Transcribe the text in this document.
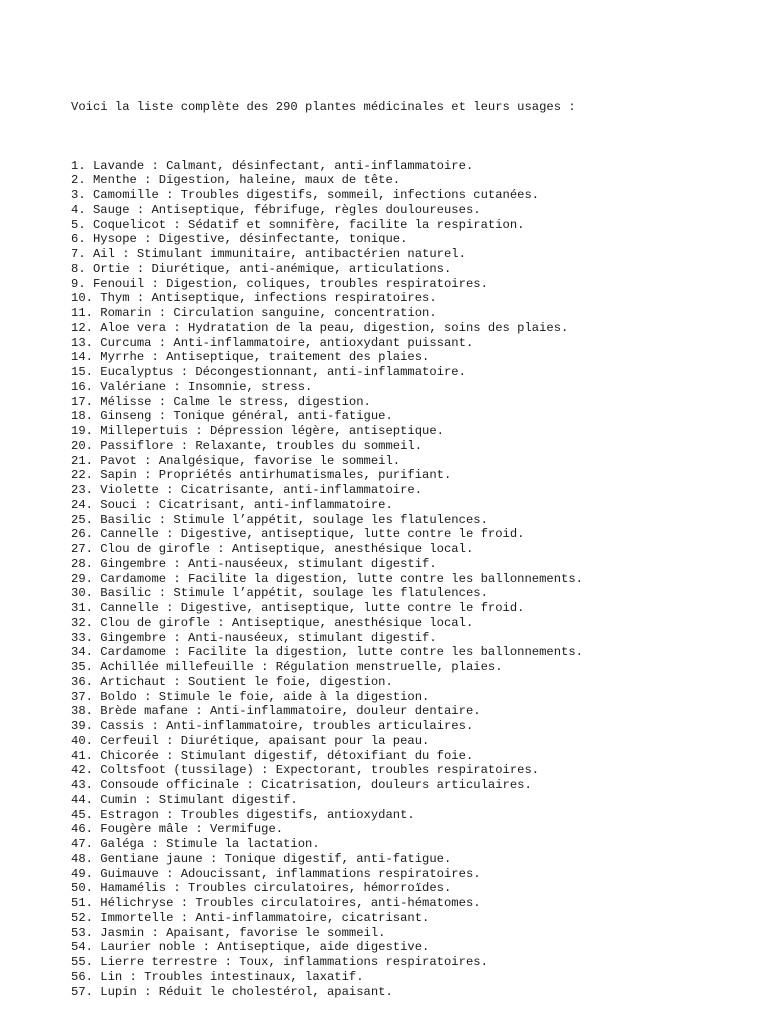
Voici la liste complète des 290 plantes médicinales et leurs usages :

1. Lavande : Calmant, désinfectant, anti-inflammatoire.
2. Menthe : Digestion, haleine, maux de tête.
3. Camomille : Troubles digestifs, sommeil, infections cutanées.
4. Sauge : Antiseptique, fébrifuge, règles douloureuses.
5. Coquelicot : Sédatif et somnifère, facilite la respiration.
6. Hysope : Digestive, désinfectante, tonique.
7. Ail : Stimulant immunitaire, antibactérien naturel.
8. Ortie : Diurétique, anti-anémique, articulations.
9. Fenouil : Digestion, coliques, troubles respiratoires.
10. Thym : Antiseptique, infections respiratoires.
11. Romarin : Circulation sanguine, concentration.
12. Aloe vera : Hydratation de la peau, digestion, soins des plaies.
13. Curcuma : Anti-inflammatoire, antioxydant puissant.
14. Myrrhe : Antiseptique, traitement des plaies.
15. Eucalyptus : Décongestionnant, anti-inflammatoire.
16. Valériane : Insomnie, stress.
17. Mélisse : Calme le stress, digestion.
18. Ginseng : Tonique général, anti-fatigue.
19. Millepertuis : Dépression légère, antiseptique.
20. Passiflore : Relaxante, troubles du sommeil.
21. Pavot : Analgésique, favorise le sommeil.
22. Sapin : Propriétés antirhumatismales, purifiant.
23. Violette : Cicatrisante, anti-inflammatoire.
24. Souci : Cicatrisant, anti-inflammatoire.
25. Basilic : Stimule l’appétit, soulage les flatulences.
26. Cannelle : Digestive, antiseptique, lutte contre le froid.
27. Clou de girofle : Antiseptique, anesthésique local.
28. Gingembre : Anti-nauséeux, stimulant digestif.
29. Cardamome : Facilite la digestion, lutte contre les ballonnements.
30. Basilic : Stimule l’appétit, soulage les flatulences.
31. Cannelle : Digestive, antiseptique, lutte contre le froid.
32. Clou de girofle : Antiseptique, anesthésique local.
33. Gingembre : Anti-nauséeux, stimulant digestif.
34. Cardamome : Facilite la digestion, lutte contre les ballonnements.
35. Achillée millefeuille : Régulation menstruelle, plaies.
36. Artichaut : Soutient le foie, digestion.
37. Boldo : Stimule le foie, aide à la digestion.
38. Brède mafane : Anti-inflammatoire, douleur dentaire.
39. Cassis : Anti-inflammatoire, troubles articulaires.
40. Cerfeuil : Diurétique, apaisant pour la peau.
41. Chicorée : Stimulant digestif, détoxifiant du foie.
42. Coltsfoot (tussilage) : Expectorant, troubles respiratoires.
43. Consoude officinale : Cicatrisation, douleurs articulaires.
44. Cumin : Stimulant digestif.
45. Estragon : Troubles digestifs, antioxydant.
46. Fougère mâle : Vermifuge.
47. Galéga : Stimule la lactation.
48. Gentiane jaune : Tonique digestif, anti-fatigue.
49. Guimauve : Adoucissant, inflammations respiratoires.
50. Hamamélis : Troubles circulatoires, hémorroïdes.
51. Hélichryse : Troubles circulatoires, anti-hématomes.
52. Immortelle : Anti-inflammatoire, cicatrisant.
53. Jasmin : Apaisant, favorise le sommeil.
54. Laurier noble : Antiseptique, aide digestive.
55. Lierre terrestre : Toux, inflammations respiratoires.
56. Lin : Troubles intestinaux, laxatif.
57. Lupin : Réduit le cholestérol, apaisant.
